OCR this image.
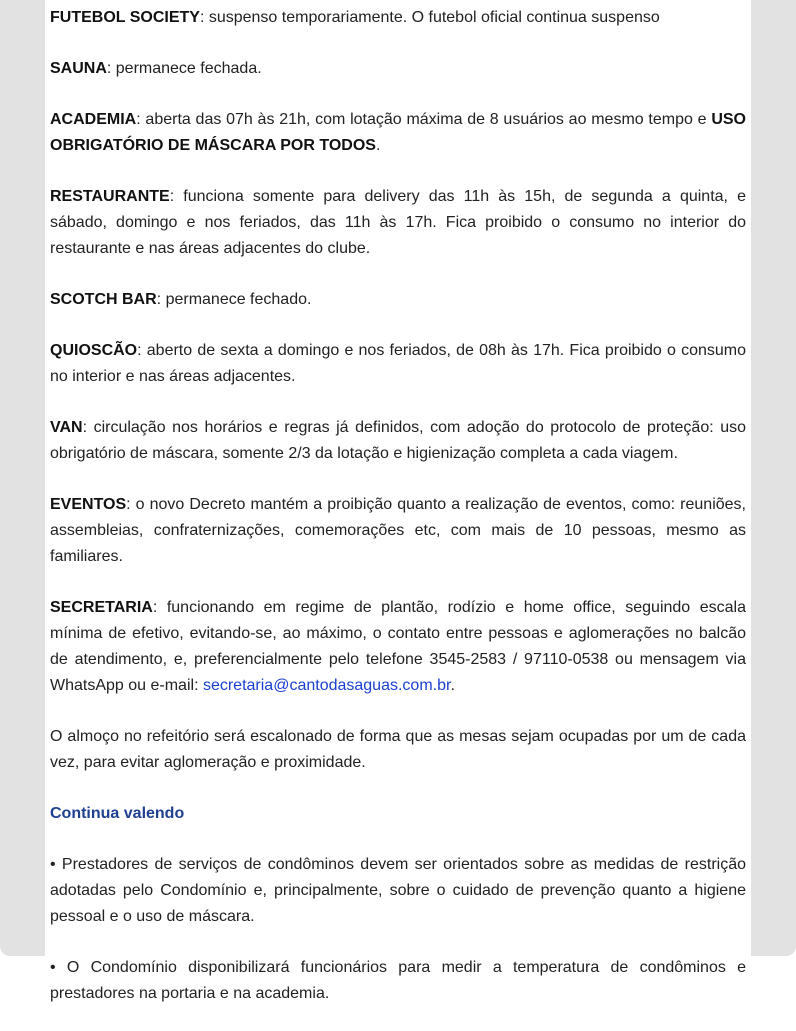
FUTEBOL SOCIETY: suspenso temporariamente. O futebol oficial continua suspenso

SAUNA: permanece fechada.

ACADEMIA: aberta das 07h às 21h, com lotação máxima de 8 usuários ao mesmo tempo e USO OBRIGATÓRIO DE MÁSCARA POR TODOS.

RESTAURANTE: funciona somente para delivery das 11h às 15h, de segunda a quinta, e sábado, domingo e nos feriados, das 11h às 17h. Fica proibido o consumo no interior do restaurante e nas áreas adjacentes do clube.

SCOTCH BAR: permanece fechado.

QUIOSCÃO: aberto de sexta a domingo e nos feriados, de 08h às 17h. Fica proibido o consumo no interior e nas áreas adjacentes.

VAN: circulação nos horários e regras já definidos, com adoção do protocolo de proteção: uso obrigatório de máscara, somente 2/3 da lotação e higienização completa a cada viagem.

EVENTOS: o novo Decreto mantém a proibição quanto a realização de eventos, como: reuniões, assembleias, confraternizações, comemorações etc, com mais de 10 pessoas, mesmo as familiares.

SECRETARIA: funcionando em regime de plantão, rodízio e home office, seguindo escala mínima de efetivo, evitando-se, ao máximo, o contato entre pessoas e aglomerações no balcão de atendimento, e, preferencialmente pelo telefone 3545-2583 / 97110-0538 ou mensagem via WhatsApp ou e-mail: secretaria@cantodasaguas.com.br.

O almoço no refeitório será escalonado de forma que as mesas sejam ocupadas por um de cada vez, para evitar aglomeração e proximidade.

Continua valendo

• Prestadores de serviços de condôminos devem ser orientados sobre as medidas de restrição adotadas pelo Condomínio e, principalmente, sobre o cuidado de prevenção quanto a higiene pessoal e o uso de máscara.

• O Condomínio disponibilizará funcionários para medir a temperatura de condôminos e prestadores na portaria e na academia.
